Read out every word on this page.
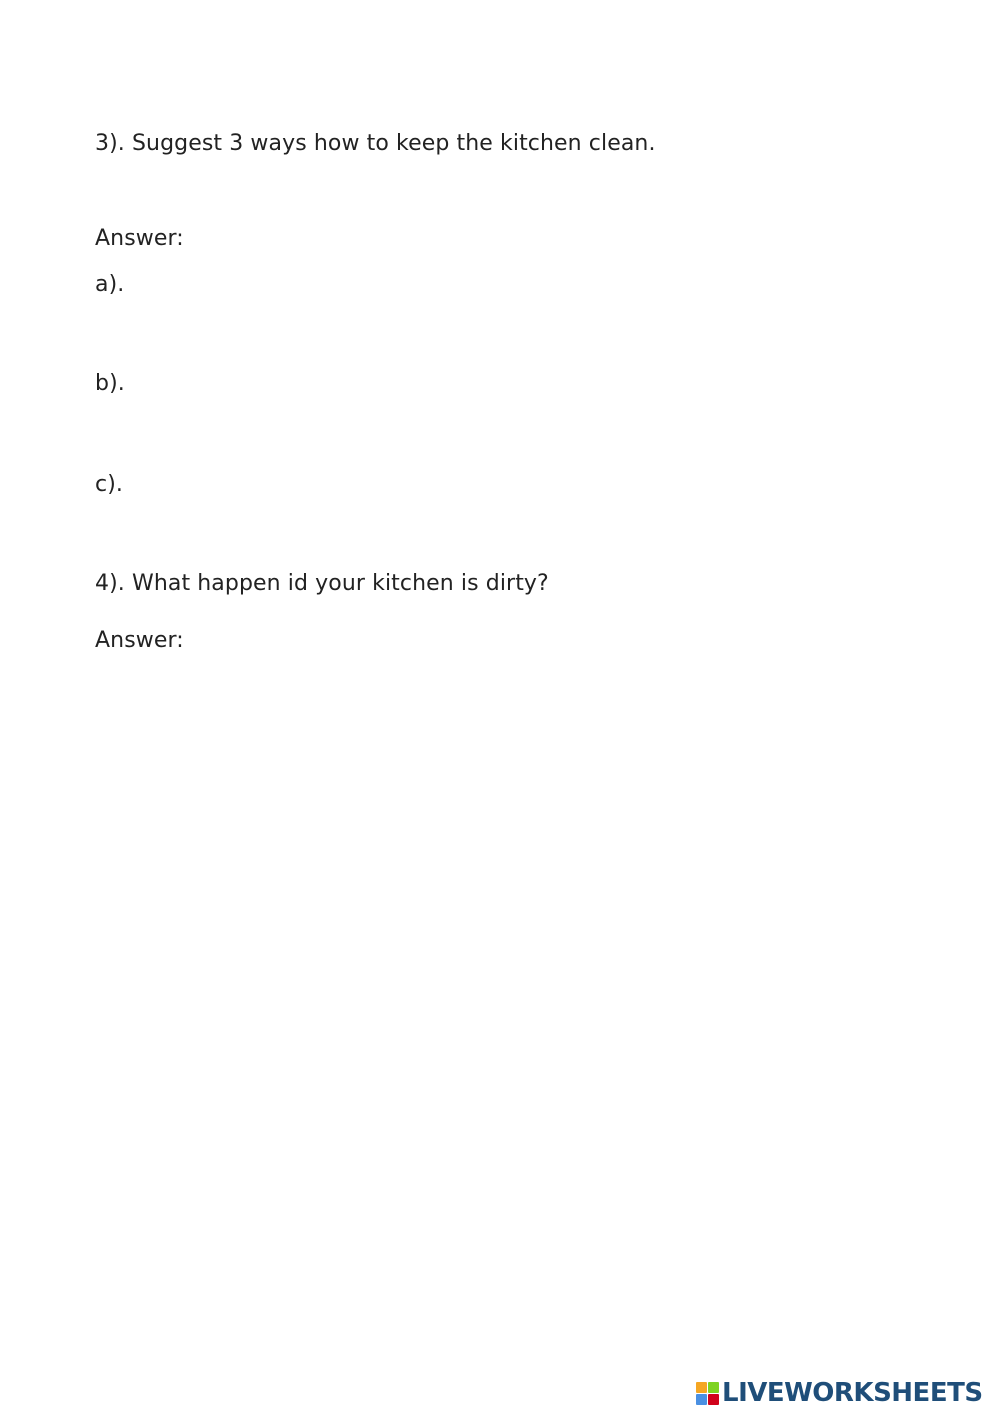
3). Suggest 3 ways how to keep the kitchen clean.
Answer:
a).
b).
c).
4). What happen id your kitchen is dirty?
Answer:
LIVEWORKSHEETS
